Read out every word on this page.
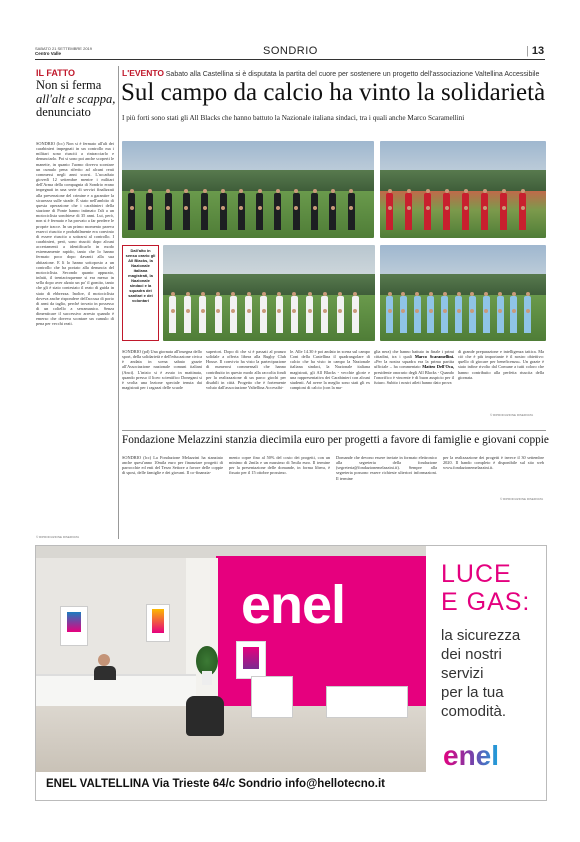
SABATO 21 SETTEMBRE 2019
Centro Valle	SONDRIO	| 13
IL FATTO
Non si ferma
all'alt e scappa,
denunciato
SONDRIO (lcc) Non si è fermato all'alt dei carabinieri impegnati in un controllo ma i militari sono riusciti a rintracciarlo e denunciarlo. Poi si sono poi anche scoperti le manette, in quanto l'uomo doveva scontare un cumulo pena riferito ad alcuni reati commessi negli anni scorsi. L'accaduto giovedì 12 settembre mentre i militari dell'Arma della compagnia di Sondrio erano impegnati in una serie di servizi finalizzati alla prevenzione del crimine e a garantire la sicurezza sulle strade. È stato nell'ambito di questa operazione che i carabinieri della stazione di Ponte hanno intimato l'alt a un motociclista sondriese di 35 anni. Lui, però, non si è fermato e ha provato a far perdere le proprie tracce. In un primo momento pareva esserci riuscito e probabilmente era convinto di essere riuscito a sottrarsi al controllo. I carabinieri, però, sono riusciti dopo alcuni accertamenti a identificarlo in modo estremamente rapido, tanto che lo hanno fermato poco dopo davanti alla sua abitazione. E lì lo hanno sottoposto a un controllo che ha portato alla denuncia del motociclista. Secondo quanto appurato, infatti, il trentacinquenne si era messo in sella dopo aver alzato un po' il gomito, tanto che gli è stato contestato il reato di guida in stato di ebbrezza. Inoltre, il motociclista doveva anche rispondere dell'accusa di porto di armi da taglio, perché trovato in possesso di un coltello a serramanico. Senza dimenticare il successivo arresto quando è emerso che doveva scontare un cumulo di pena per vecchi reati.
© RIPRODUZIONE RISERVATA
L'EVENTO Sabato alla Castellina si è disputata la partita del cuore per sostenere un progetto dell'associazione Valtellina Accessibile
Sul campo da calcio ha vinto la solidarietà
I più forti sono stati gli All Blacks che hanno battuto la Nazionale italiana sindaci, tra i quali anche Marco Scaramellini
Dall'alto in senso orario gli All Blacks, la Nazionale italiana magistrati, la Nazionale sindaci e la squadra dei sanitari e dei volontari
SONDRIO (pd) Una giornata all'insegna dello sport, della solidarietà e dell'educazione civica è andata in scena sabato grazie all'Associazione nazionale comuni italiani (Anci). L'inizio si è avuto in mattinata, quando presso il liceo scientifico Donegani si è svolta una lezione speciale tenuta dai magistrati per i ragazzi delle scuole
superiori. Dopo di che si è passati al pranzo solidale a offerta libera alla Rugby Club House. Il convivio ha visto la partecipazione di numerosi commensali che hanno contribuito in questo modo alla raccolta fondi per la realizzazione di un parco giochi per disabili in città. Progetto che è fortemente voluto dall'associazione Valtellina Accessibi-
le. Alle 14.30 è poi andato in scena sul campo Coni della Castellina il quadrangolare di calcio che ha visto in campo la Nazionale italiana sindaci, la Nazionale italiana magistrati, gli All Blacks - vecchie glorie e una rappresentativa dei Carabinieri con alcuni studenti. Ad avere la meglio sono stati gli ex campioni di calcio (con la ma-
glia nera) che hanno battuto in finale i primi cittadini, tra i quali Marco Scaramellini. «Per la nostra squadra era la prima partita ufficiale – ha commentato Matteo Dell'Oca, presidente onorario degli All Blacks - Quando l'onorifico è vincente è di buon auspicio per il futuro. Subito i nostri atleti hanno dato prova
di grande preparazione e intelligenza tattica. Ma ciò che è più importante è il nostro obiettivo: quello di giocare per beneficenza». Un grazie è stato infine rivolto dal Comune a tutti coloro che hanno contribuito alla perfetta riuscita della giornata.
© RIPRODUZIONE RISERVATA
Fondazione Melazzini stanzia diecimila euro per progetti a favore di famiglie e giovani coppie
SONDRIO (lcc) La Fondazione Melazzini ha stanziato anche quest'anno 10mila euro per finanziare progetti di parrocchie ed enti del Terzo Settore a favore delle coppie di sposi, delle famiglie e dei giovani. Il co-finanzia-
mento copre fino al 50% del costo dei progetti, con un minimo di 2mila e un massimo di 5mila euro. Il termine per la presentazione delle domande, in forma libera, è fissato per il 15 ottobre prossimo.
Domande che devono essere inviate in formato elettronico alla segreteria della fondazione (segreteria@fondazionemelazzini.it). Sempre alla segreteria possono essere richieste ulteriori informazioni. Il termine
per la realizzazione dei progetti è invece il 30 settembre 2020. Il bando completo è disponibile sul sito web www.fondazionemelazzini.it.
© RIPRODUZIONE RISERVATA
enel
LUCE
E GAS:
la sicurezza
dei nostri
servizi
per la tua
comodità.
enel
ENEL VALTELLINA Via Trieste 64/c Sondrio info@hellotecno.it
